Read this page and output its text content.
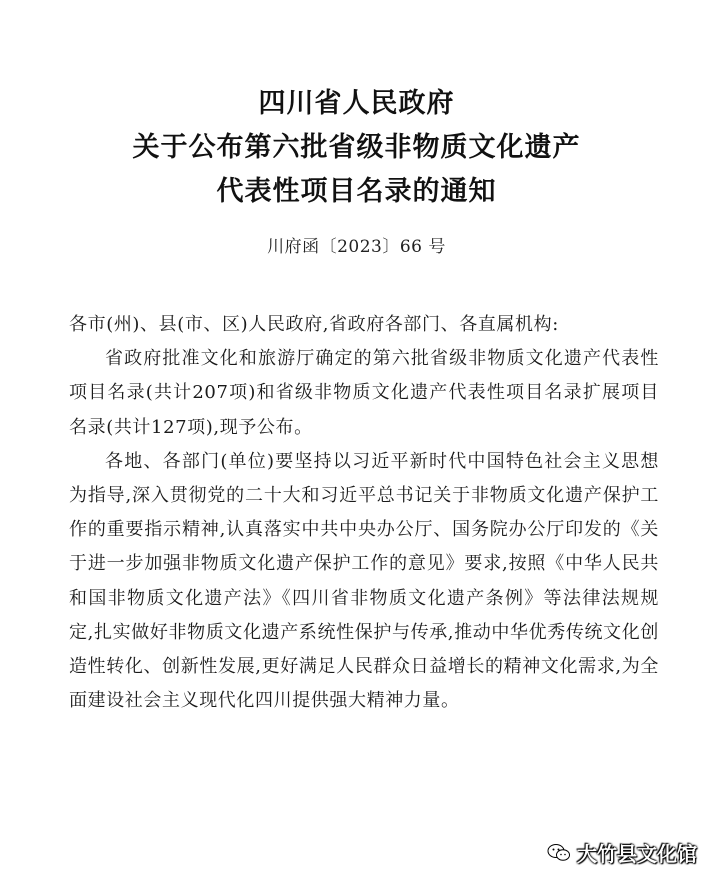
四川省人民政府
关于公布第六批省级非物质文化遗产
代表性项目名录的通知
川府函〔2023〕66 号

各市(州)、县(市、区)人民政府,省政府各部门、各直属机构:

省政府批准文化和旅游厅确定的第六批省级非物质文化遗产代表性项目名录(共计207项)和省级非物质文化遗产代表性项目名录扩展项目名录(共计127项),现予公布。

各地、各部门(单位)要坚持以习近平新时代中国特色社会主义思想为指导,深入贯彻党的二十大和习近平总书记关于非物质文化遗产保护工作的重要指示精神,认真落实中共中央办公厅、国务院办公厅印发的《关于进一步加强非物质文化遗产保护工作的意见》要求,按照《中华人民共和国非物质文化遗产法》《四川省非物质文化遗产条例》等法律法规规定,扎实做好非物质文化遗产系统性保护与传承,推动中华优秀传统文化创造性转化、创新性发展,更好满足人民群众日益增长的精神文化需求,为全面建设社会主义现代化四川提供强大精神力量。

大竹县文化馆
